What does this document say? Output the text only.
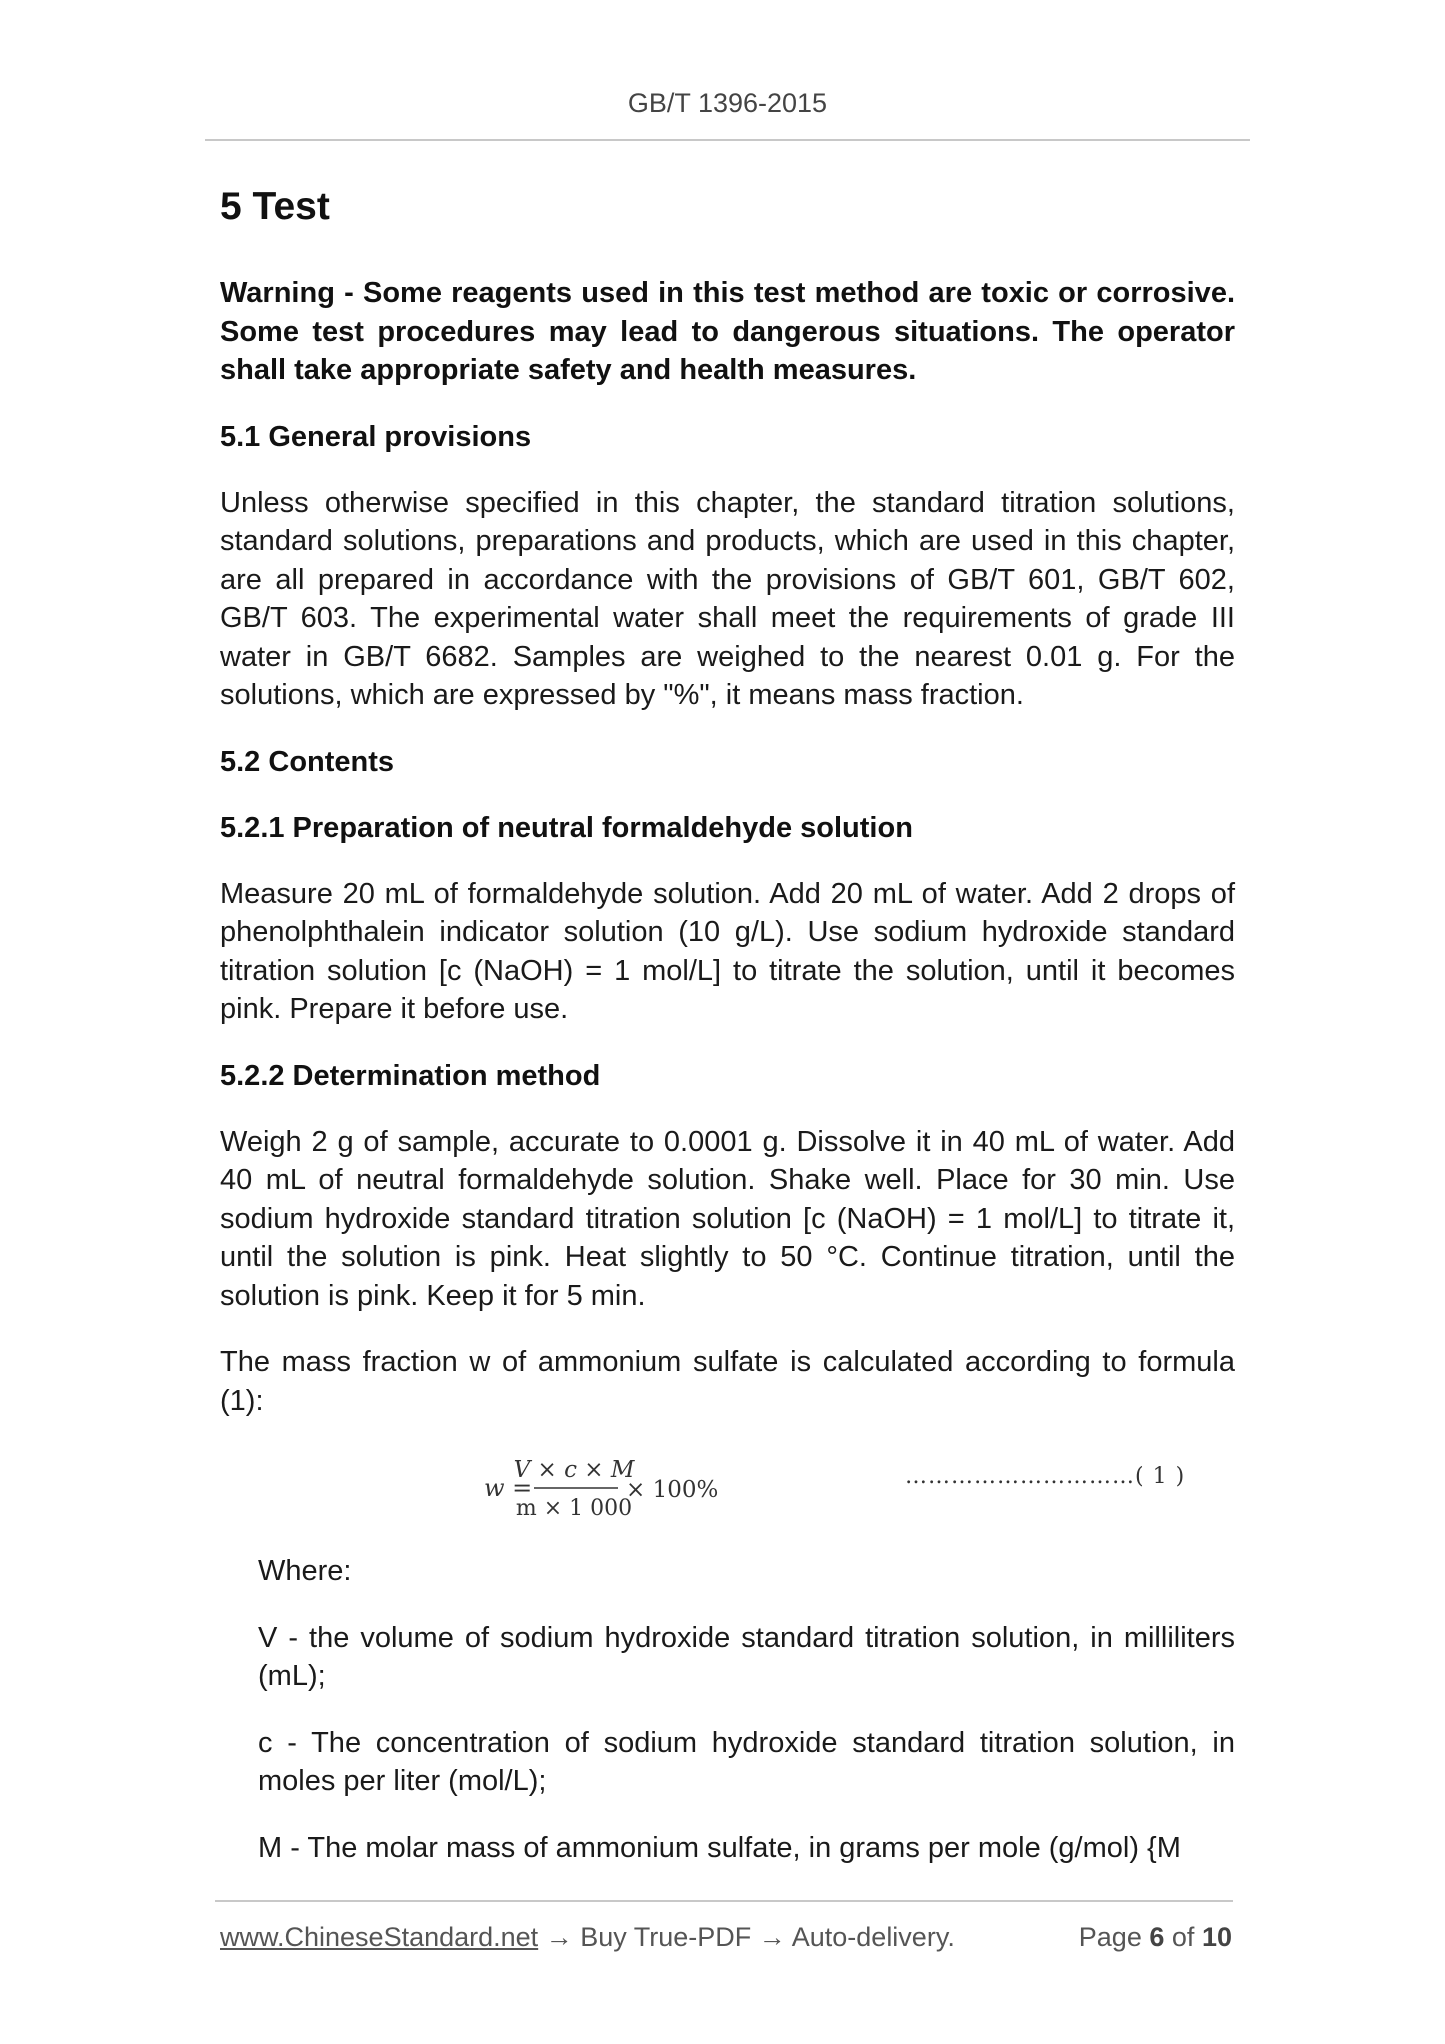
GB/T 1396-2015
5 Test

Warning - Some reagents used in this test method are toxic or corrosive. Some test procedures may lead to dangerous situations. The operator shall take appropriate safety and health measures.

5.1 General provisions

Unless otherwise specified in this chapter, the standard titration solutions, standard solutions, preparations and products, which are used in this chapter, are all prepared in accordance with the provisions of GB/T 601, GB/T 602, GB/T 603. The experimental water shall meet the requirements of grade III water in GB/T 6682. Samples are weighed to the nearest 0.01 g. For the solutions, which are expressed by "%", it means mass fraction.

5.2 Contents
5.2.1 Preparation of neutral formaldehyde solution

Measure 20 mL of formaldehyde solution. Add 20 mL of water. Add 2 drops of phenolphthalein indicator solution (10 g/L). Use sodium hydroxide standard titration solution [c (NaOH) = 1 mol/L] to titrate the solution, until it becomes pink. Prepare it before use.

5.2.2 Determination method

Weigh 2 g of sample, accurate to 0.0001 g. Dissolve it in 40 mL of water. Add 40 mL of neutral formaldehyde solution. Shake well. Place for 30 min. Use sodium hydroxide standard titration solution [c (NaOH) = 1 mol/L] to titrate it, until the solution is pink. Heat slightly to 50 °C. Continue titration, until the solution is pink. Keep it for 5 min.

The mass fraction w of ammonium sulfate is calculated according to formula (1):

w =
V × c × M
m × 1 000
× 100%
…………………………( 1 )

Where:

V - the volume of sodium hydroxide standard titration solution, in milliliters (mL);

c - The concentration of sodium hydroxide standard titration solution, in moles per liter (mol/L);

M - The molar mass of ammonium sulfate, in grams per mole (g/mol) {M

www.ChineseStandard.net → Buy True-PDF → Auto-delivery.	Page 6 of 10
